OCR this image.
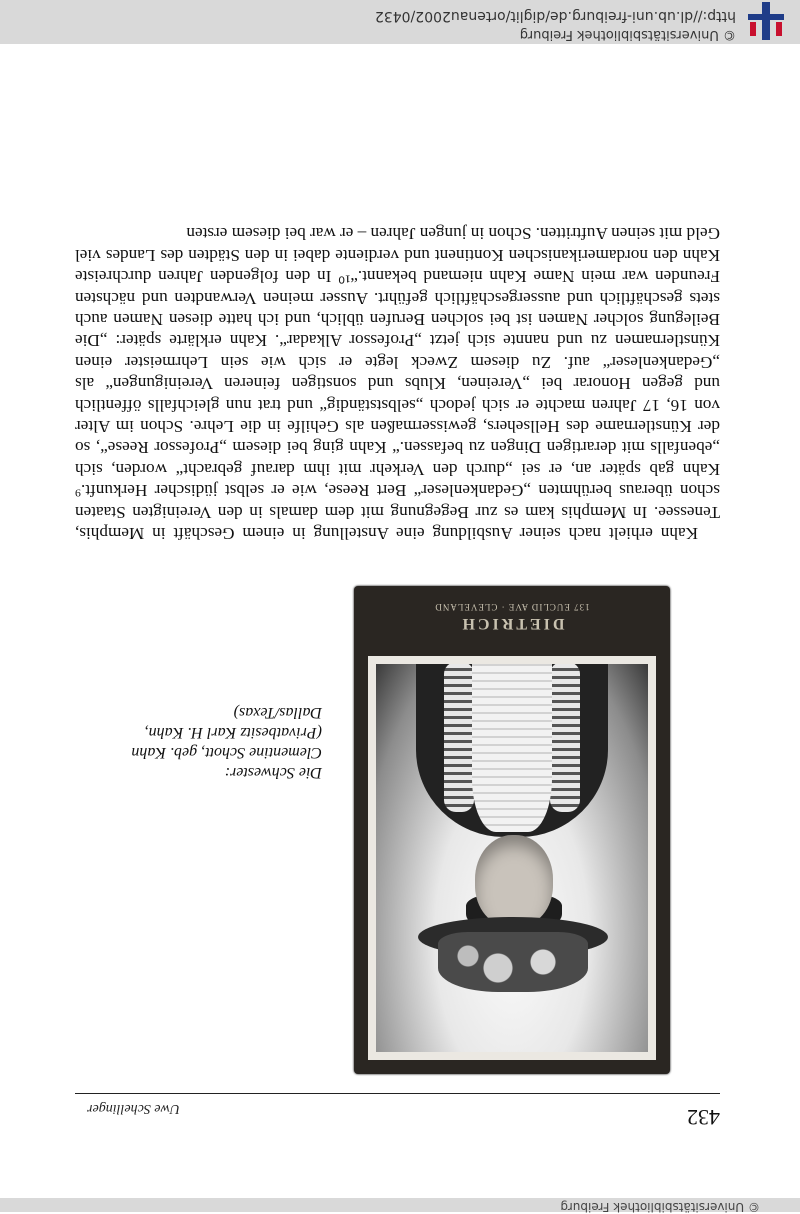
© Universitätsbibliothek Freiburg
http://dl.ub.uni-freiburg.de/diglit/ortenau2002/0432
© Universitätsbibliothek Freiburg
432
Uwe Schellinger
DIETRICH
137 EUCLID AVE · CLEVELAND
Die Schwester:
Clementine Schott, geb. Kahn
(Privatbesitz Karl H. Kahn,
Dallas/Texas)

Kahn erhielt nach seiner Ausbildung eine Anstellung in einem Geschäft in Memphis, Tenessee. In Memphis kam es zur Begegnung mit dem damals in den Vereinigten Staaten schon überaus berühmten „Gedankenleser“ Bert Reese, wie er selbst jüdischer Herkunft.⁹ Kahn gab später an, er sei „durch den Verkehr mit ihm darauf gebracht“ worden, sich „ebenfalls mit derartigen Dingen zu befassen.“ Kahn ging bei diesem „Professor Reese“, so der Künstlername des Hellsehers, gewissermaßen als Gehilfe in die Lehre. Schon im Alter von 16, 17 Jahren machte er sich jedoch „selbstständig“ und trat nun gleichfalls öffentlich und gegen Honorar bei „Vereinen, Klubs und sonstigen feineren Vereinigungen“ als „Gedankenleser“ auf. Zu diesem Zweck legte er sich wie sein Lehrmeister einen Künstlernamen zu und nannte sich jetzt „Professor Alkadar“. Kahn erklärte später: „Die Beilegung solcher Namen ist bei solchen Berufen üblich, und ich hatte diesen Namen auch stets geschäftlich und aussergeschäftlich geführt. Ausser meinen Verwandten und nächsten Freunden war mein Name Kahn niemand bekannt.“¹⁰ In den folgenden Jahren durchreiste Kahn den nordamerikanischen Kontinent und verdiente dabei in den Städten des Landes viel Geld mit seinen Auftritten. Schon in jungen Jahren – er war bei diesem ersten
